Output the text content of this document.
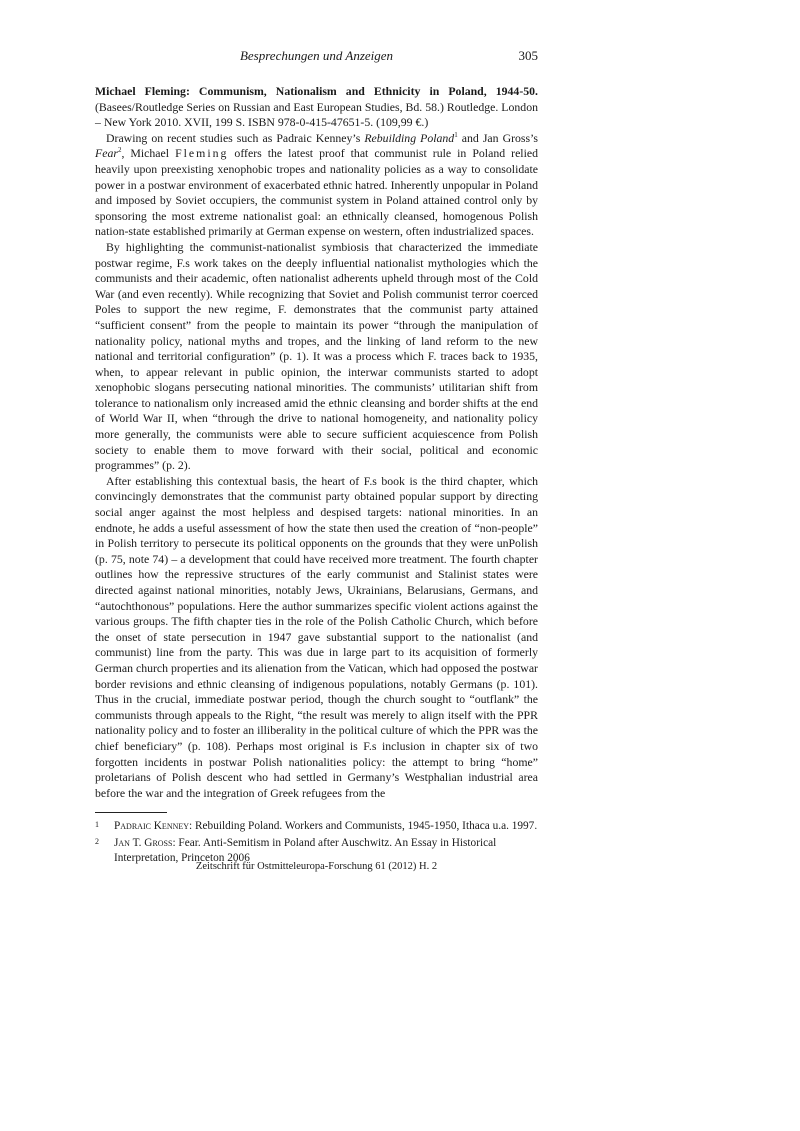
Besprechungen und Anzeigen	305

Michael Fleming: Communism, Nationalism and Ethnicity in Poland, 1944-50. (Basees/Routledge Series on Russian and East European Studies, Bd. 58.) Routledge. London – New York 2010. XVII, 199 S. ISBN 978-0-415-47651-5. (109,99 €.)

Drawing on recent studies such as Padraic Kenney’s Rebuilding Poland$^1$ and Jan Gross’s Fear$^2$, Michael Fleming offers the latest proof that communist rule in Poland relied heavily upon preexisting xenophobic tropes and nationality policies as a way to consolidate power in a postwar environment of exacerbated ethnic hatred. Inherently unpopular in Poland and imposed by Soviet occupiers, the communist system in Poland attained control only by sponsoring the most extreme nationalist goal: an ethnically cleansed, homogenous Polish nation-state established primarily at German expense on western, often industrialized spaces.

By highlighting the communist-nationalist symbiosis that characterized the immediate postwar regime, F.s work takes on the deeply influential nationalist mythologies which the communists and their academic, often nationalist adherents upheld through most of the Cold War (and even recently). While recognizing that Soviet and Polish communist terror coerced Poles to support the new regime, F. demonstrates that the communist party attained “sufficient consent” from the people to maintain its power “through the manipulation of nationality policy, national myths and tropes, and the linking of land reform to the new national and territorial configuration” (p. 1). It was a process which F. traces back to 1935, when, to appear relevant in public opinion, the interwar communists started to adopt xenophobic slogans persecuting national minorities. The communists’ utilitarian shift from tolerance to nationalism only increased amid the ethnic cleansing and border shifts at the end of World War II, when “through the drive to national homogeneity, and nationality policy more generally, the communists were able to secure sufficient acquiescence from Polish society to enable them to move forward with their social, political and economic programmes” (p. 2).

After establishing this contextual basis, the heart of F.s book is the third chapter, which convincingly demonstrates that the communist party obtained popular support by directing social anger against the most helpless and despised targets: national minorities. In an endnote, he adds a useful assessment of how the state then used the creation of “non-people” in Polish territory to persecute its political opponents on the grounds that they were unPolish (p. 75, note 74) – a development that could have received more treatment. The fourth chapter outlines how the repressive structures of the early communist and Stalinist states were directed against national minorities, notably Jews, Ukrainians, Belarusians, Germans, and “autochthonous” populations. Here the author summarizes specific violent actions against the various groups. The fifth chapter ties in the role of the Polish Catholic Church, which before the onset of state persecution in 1947 gave substantial support to the nationalist (and communist) line from the party. This was due in large part to its acquisition of formerly German church properties and its alienation from the Vatican, which had opposed the postwar border revisions and ethnic cleansing of indigenous populations, notably Germans (p. 101). Thus in the crucial, immediate postwar period, though the church sought to “outflank” the communists through appeals to the Right, “the result was merely to align itself with the PPR nationality policy and to foster an illiberality in the political culture of which the PPR was the chief beneficiary” (p. 108). Perhaps most original is F.s inclusion in chapter six of two forgotten incidents in postwar Polish nationalities policy: the attempt to bring “home” proletarians of Polish descent who had settled in Germany’s Westphalian industrial area before the war and the integration of Greek refugees from the

1	Padraic Kenney: Rebuilding Poland. Workers and Communists, 1945-1950, Ithaca u.a. 1997.
2	Jan T. Gross: Fear. Anti-Semitism in Poland after Auschwitz. An Essay in Historical Interpretation, Princeton 2006
Zeitschrift für Ostmitteleuropa-Forschung 61 (2012) H. 2
